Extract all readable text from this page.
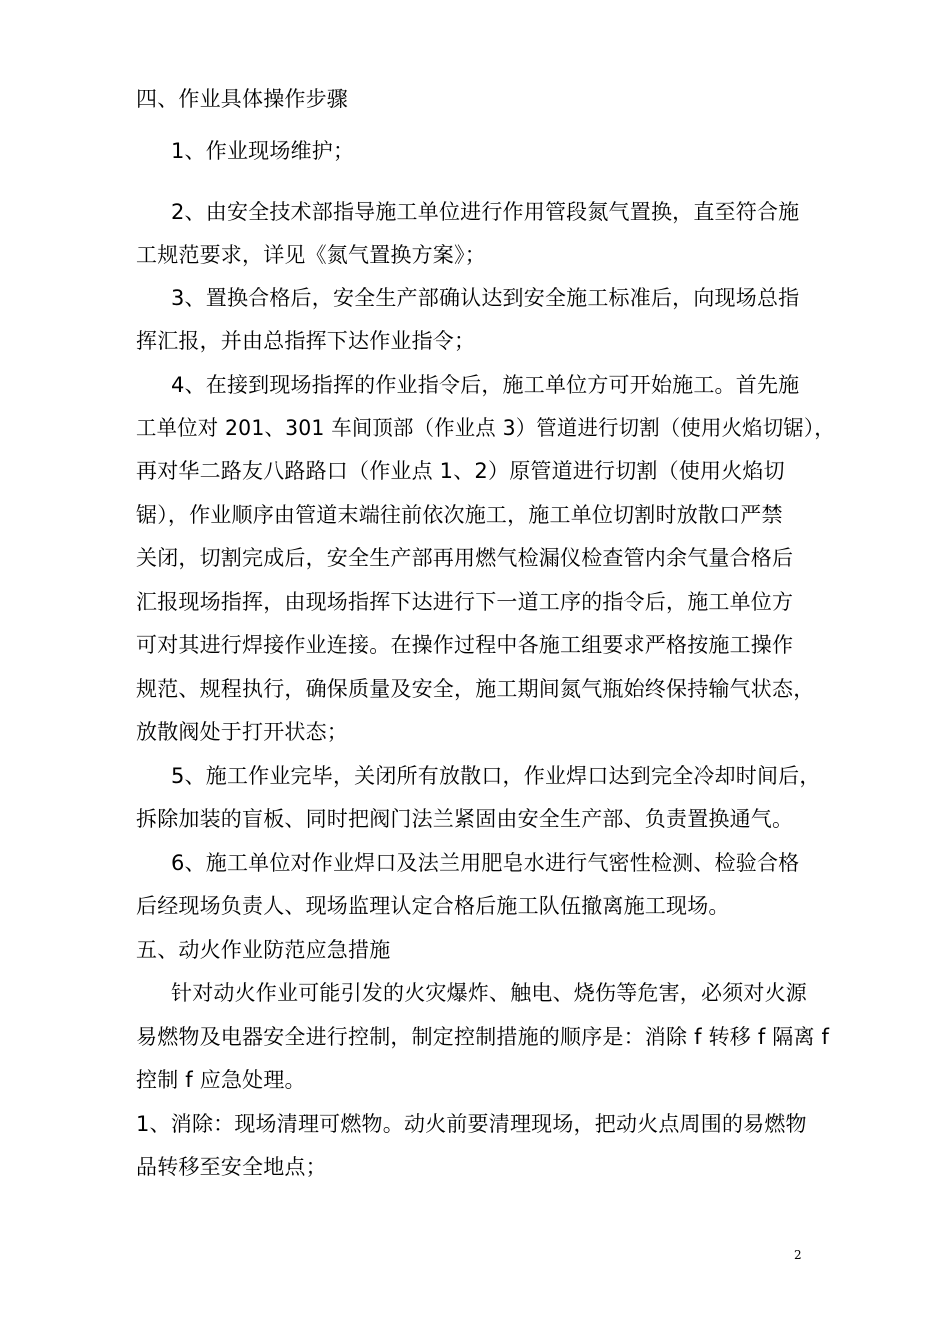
四、作业具体操作步骤
1、作业现场维护；
2、由安全技术部指导施工单位进行作用管段氮气置换，直至符合施
工规范要求，详见《氮气置换方案》；
3、置换合格后，安全生产部确认达到安全施工标准后，向现场总指
挥汇报，并由总指挥下达作业指令；
4、在接到现场指挥的作业指令后，施工单位方可开始施工。首先施
工单位对 201、301 车间顶部（作业点 3）管道进行切割（使用火焰切锯），
再对华二路友八路路口（作业点 1、2）原管道进行切割（使用火焰切
锯），作业顺序由管道末端往前依次施工，施工单位切割时放散口严禁
关闭，切割完成后，安全生产部再用燃气检漏仪检查管内余气量合格后
汇报现场指挥，由现场指挥下达进行下一道工序的指令后，施工单位方
可对其进行焊接作业连接。在操作过程中各施工组要求严格按施工操作
规范、规程执行，确保质量及安全，施工期间氮气瓶始终保持输气状态，
放散阀处于打开状态；
5、施工作业完毕，关闭所有放散口，作业焊口达到完全冷却时间后，
拆除加装的盲板、同时把阀门法兰紧固由安全生产部、负责置换通气。
6、施工单位对作业焊口及法兰用肥皂水进行气密性检测、检验合格
后经现场负责人、现场监理认定合格后施工队伍撤离施工现场。
五、动火作业防范应急措施
针对动火作业可能引发的火灾爆炸、触电、烧伤等危害，必须对火源
易燃物及电器安全进行控制，制定控制措施的顺序是：消除 f 转移 f 隔离 f
控制 f 应急处理。
1、消除：现场清理可燃物。动火前要清理现场，把动火点周围的易燃物
品转移至安全地点；
2
